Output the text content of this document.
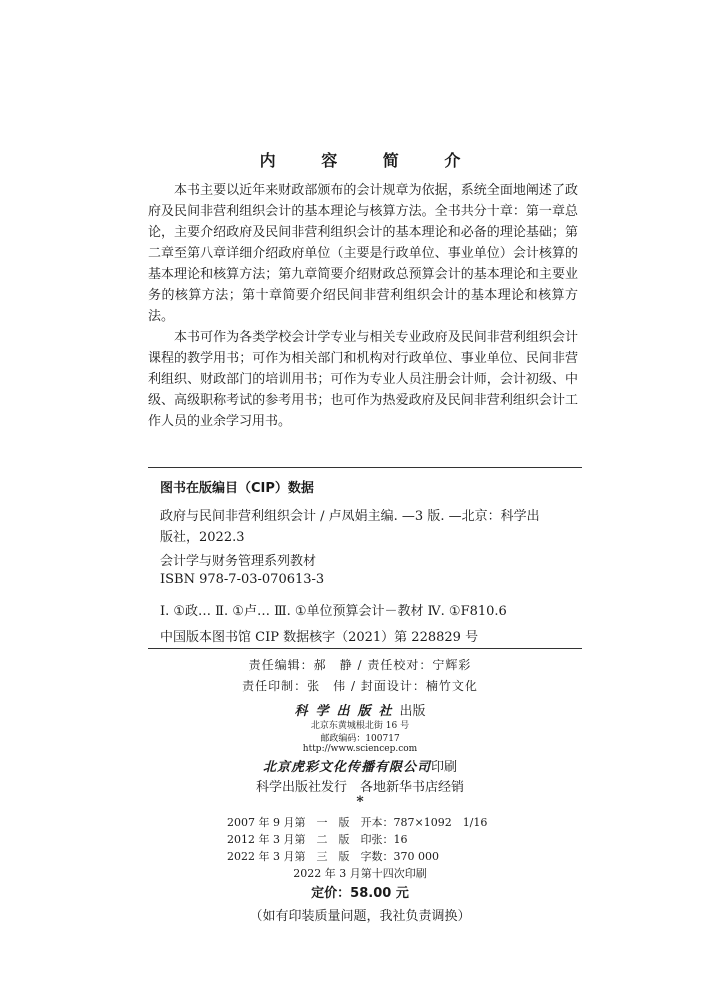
内 容 简 介

本书主要以近年来财政部颁布的会计规章为依据，系统全面地阐述了政府及民间非营利组织会计的基本理论与核算方法。全书共分十章：第一章总论，主要介绍政府及民间非营利组织会计的基本理论和必备的理论基础；第二章至第八章详细介绍政府单位（主要是行政单位、事业单位）会计核算的基本理论和核算方法；第九章简要介绍财政总预算会计的基本理论和主要业务的核算方法；第十章简要介绍民间非营利组织会计的基本理论和核算方法。

本书可作为各类学校会计学专业与相关专业政府及民间非营利组织会计课程的教学用书；可作为相关部门和机构对行政单位、事业单位、民间非营利组织、财政部门的培训用书；可作为专业人员注册会计师，会计初级、中级、高级职称考试的参考用书；也可作为热爱政府及民间非营利组织会计工作人员的业余学习用书。

图书在版编目（CIP）数据
政府与民间非营利组织会计 / 卢凤娟主编. —3 版. —北京：科学出
版社，2022.3
会计学与财务管理系列教材
ISBN 978-7-03-070613-3
Ⅰ. ①政… Ⅱ. ①卢… Ⅲ. ①单位预算会计－教材 Ⅳ. ①F810.6
中国版本图书馆 CIP 数据核字（2021）第 228829 号
责任编辑：郝　静 / 责任校对：宁辉彩
责任印制：张　伟 / 封面设计：楠竹文化
科学出版社出版
北京东黄城根北街 16 号
邮政编码：100717
http://www.sciencep.com
北京虎彩文化传播有限公司印刷
科学出版社发行　各地新华书店经销
*
2007 年 9 月第　一　版　开本：787×1092　1/16
2012 年 3 月第　二　版　印张：16
2022 年 3 月第　三　版　字数：370 000
2022 年 3 月第十四次印刷
定价：58.00 元
（如有印装质量问题，我社负责调换）
